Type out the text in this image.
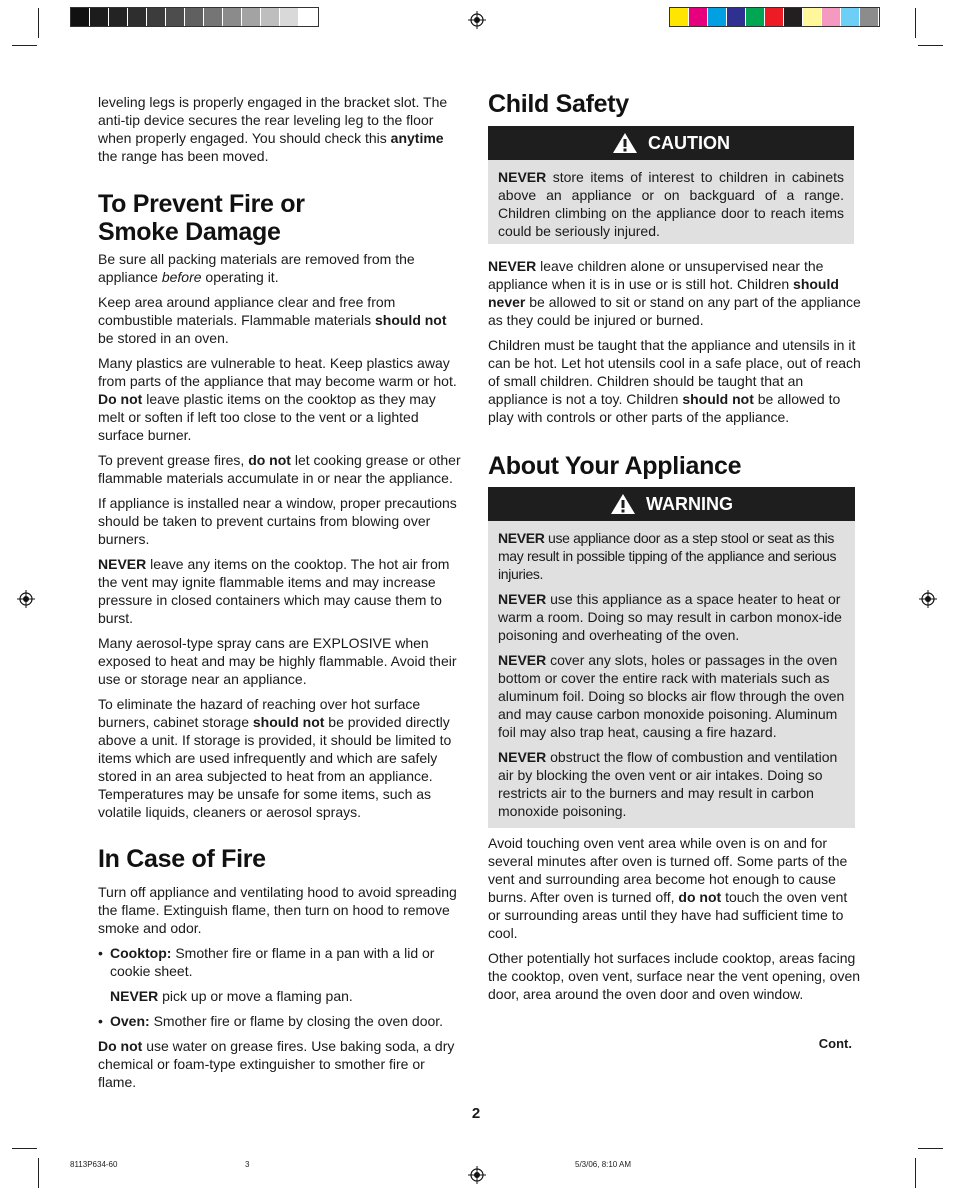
leveling legs is properly engaged in the bracket slot. The anti-tip device secures the rear leveling leg to the floor when properly engaged. You should check this anytime the range has been moved.

To Prevent Fire or
Smoke Damage

Be sure all packing materials are removed from the appliance before operating it.

Keep area around appliance clear and free from combustible materials. Flammable materials should not be stored in an oven.

Many plastics are vulnerable to heat. Keep plastics away from parts of the appliance that may become warm or hot. Do not leave plastic items on the cooktop as they may melt or soften if left too close to the vent or a lighted surface burner.

To prevent grease fires, do not let cooking grease or other flammable materials accumulate in or near the appliance.

If appliance is installed near a window, proper precautions should be taken to prevent curtains from blowing over burners.

NEVER leave any items on the cooktop. The hot air from the vent may ignite flammable items and may increase pressure in closed containers which may cause them to burst.

Many aerosol-type spray cans are EXPLOSIVE when exposed to heat and may be highly flammable. Avoid their use or storage near an appliance.

To eliminate the hazard of reaching over hot surface burners, cabinet storage should not be provided directly above a unit. If storage is provided, it should be limited to items which are used infrequently and which are safely stored in an area subjected to heat from an appliance. Temperatures may be unsafe for some items, such as volatile liquids, cleaners or aerosol sprays.

In Case of Fire

Turn off appliance and ventilating hood to avoid spreading the flame. Extinguish flame, then turn on hood to remove smoke and odor.

• Cooktop: Smother fire or flame in a pan with a lid or cookie sheet.

NEVER pick up or move a flaming pan.

• Oven: Smother fire or flame by closing the oven door.

Do not use water on grease fires. Use baking soda, a dry chemical or foam-type extinguisher to smother fire or flame.

Child Safety
CAUTION

NEVER store items of interest to children in cabinets above an appliance or on backguard of a range. Children climbing on the appliance door to reach items could be seriously injured.

NEVER leave children alone or unsupervised near the appliance when it is in use or is still hot. Children should never be allowed to sit or stand on any part of the appliance as they could be injured or burned.

Children must be taught that the appliance and utensils in it can be hot. Let hot utensils cool in a safe place, out of reach of small children. Children should be taught that an appliance is not a toy. Children should not be allowed to play with controls or other parts of the appliance.

About Your Appliance
WARNING

NEVER use appliance door as a step stool or seat as this may result in possible tipping of the appliance and serious injuries.

NEVER use this appliance as a space heater to heat or warm a room. Doing so may result in carbon monox-ide poisoning and overheating of the oven.

NEVER cover any slots, holes or passages in the oven bottom or cover the entire rack with materials such as aluminum foil. Doing so blocks air flow through the oven and may cause carbon monoxide poisoning. Aluminum foil may also trap heat, causing a fire hazard.

NEVER obstruct the flow of combustion and ventilation air by blocking the oven vent or air intakes. Doing so restricts air to the burners and may result in carbon monoxide poisoning.

Avoid touching oven vent area while oven is on and for several minutes after oven is turned off. Some parts of the vent and surrounding area become hot enough to cause burns. After oven is turned off, do not touch the oven vent or surrounding areas until they have had sufficient time to cool.

Other potentially hot surfaces include cooktop, areas facing the cooktop, oven vent, surface near the vent opening, oven door, area around the oven door and oven window.

Cont.
2
8113P634-60	3	5/3/06, 8:10 AM
